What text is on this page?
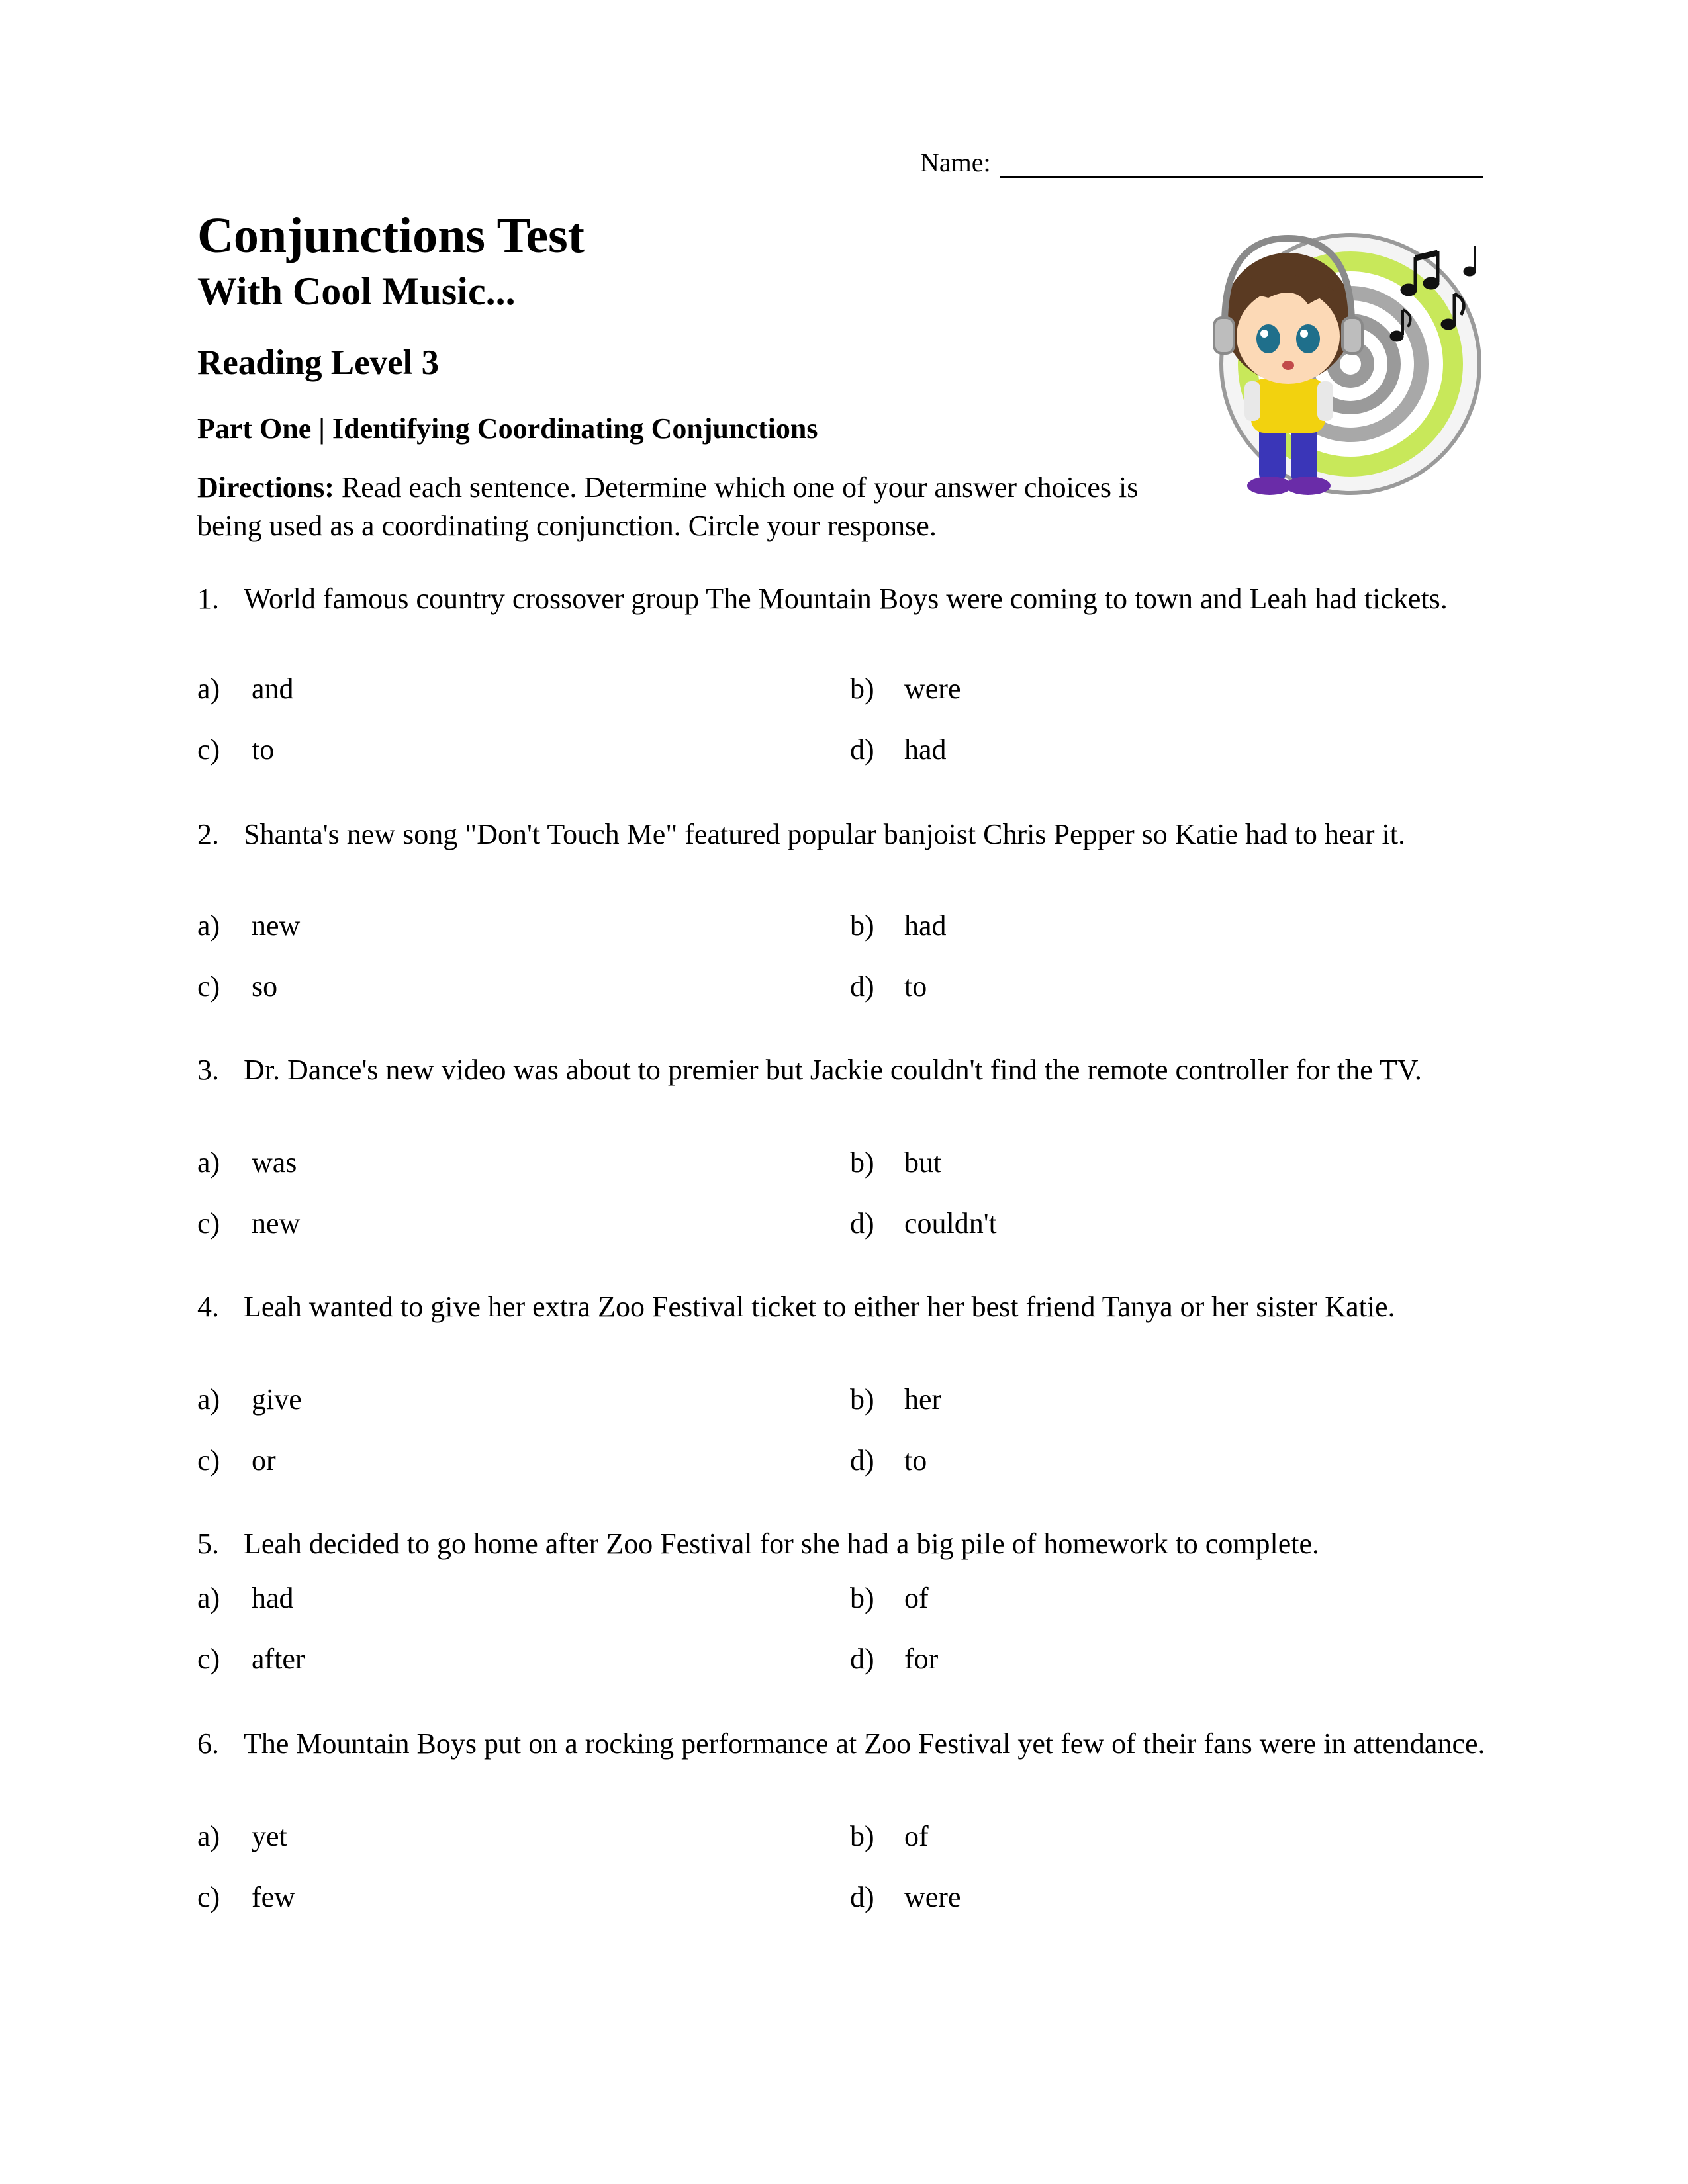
Name:
Conjunctions Test
With Cool Music...
Reading Level 3
Part One | Identifying Coordinating Conjunctions
Directions: Read each sentence. Determine which one of your answer choices is being used as a coordinating conjunction. Circle your response.
1. World famous country crossover group The Mountain Boys were coming to town and Leah had tickets.
a) and	b) were
c) to	d) had
2. Shanta's new song "Don't Touch Me" featured popular banjoist Chris Pepper so Katie had to hear it.
a) new	b) had
c) so	d) to
3. Dr. Dance's new video was about to premier but Jackie couldn't find the remote controller for the TV.
a) was	b) but
c) new	d) couldn't
4. Leah wanted to give her extra Zoo Festival ticket to either her best friend Tanya or her sister Katie.
a) give	b) her
c) or	d) to
5. Leah decided to go home after Zoo Festival for she had a big pile of homework to complete.
a) had	b) of
c) after	d) for
6. The Mountain Boys put on a rocking performance at Zoo Festival yet few of their fans were in attendance.
a) yet	b) of
c) few	d) were
